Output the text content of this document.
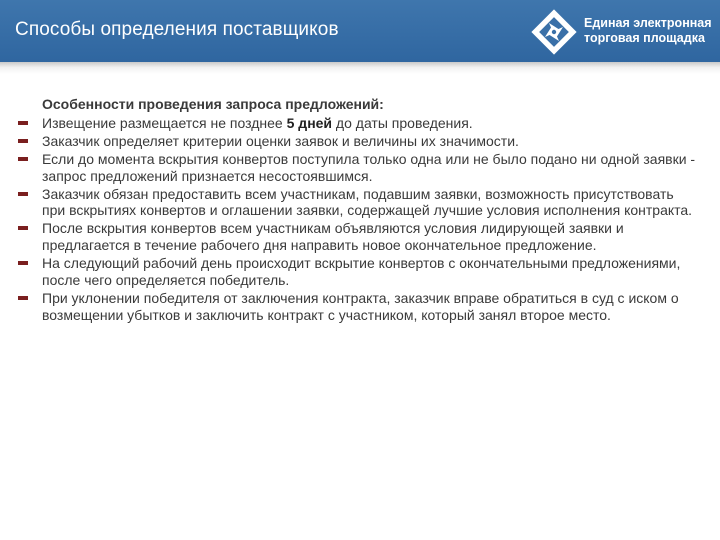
Способы определения поставщиков	Единая электронная
торговая площадка
Особенности проведения запроса предложений:
Извещение размещается не позднее 5 дней до даты проведения.
Заказчик определяет критерии оценки заявок и величины их значимости.
Если до момента вскрытия конвертов поступила только одна или не было подано ни одной заявки - запрос предложений признается несостоявшимся.
Заказчик обязан предоставить всем участникам, подавшим заявки, возможность присутствовать при вскрытиях конвертов и оглашении заявки, содержащей лучшие условия исполнения контракта.
После вскрытия конвертов всем участникам объявляются условия лидирующей заявки и предлагается в течение рабочего дня направить новое окончательное предложение.
На следующий рабочий день происходит вскрытие конвертов с окончательными предложениями, после чего определяется победитель.
При уклонении победителя от заключения контракта, заказчик вправе обратиться в суд с иском о возмещении убытков и заключить контракт с участником, который занял второе место.
